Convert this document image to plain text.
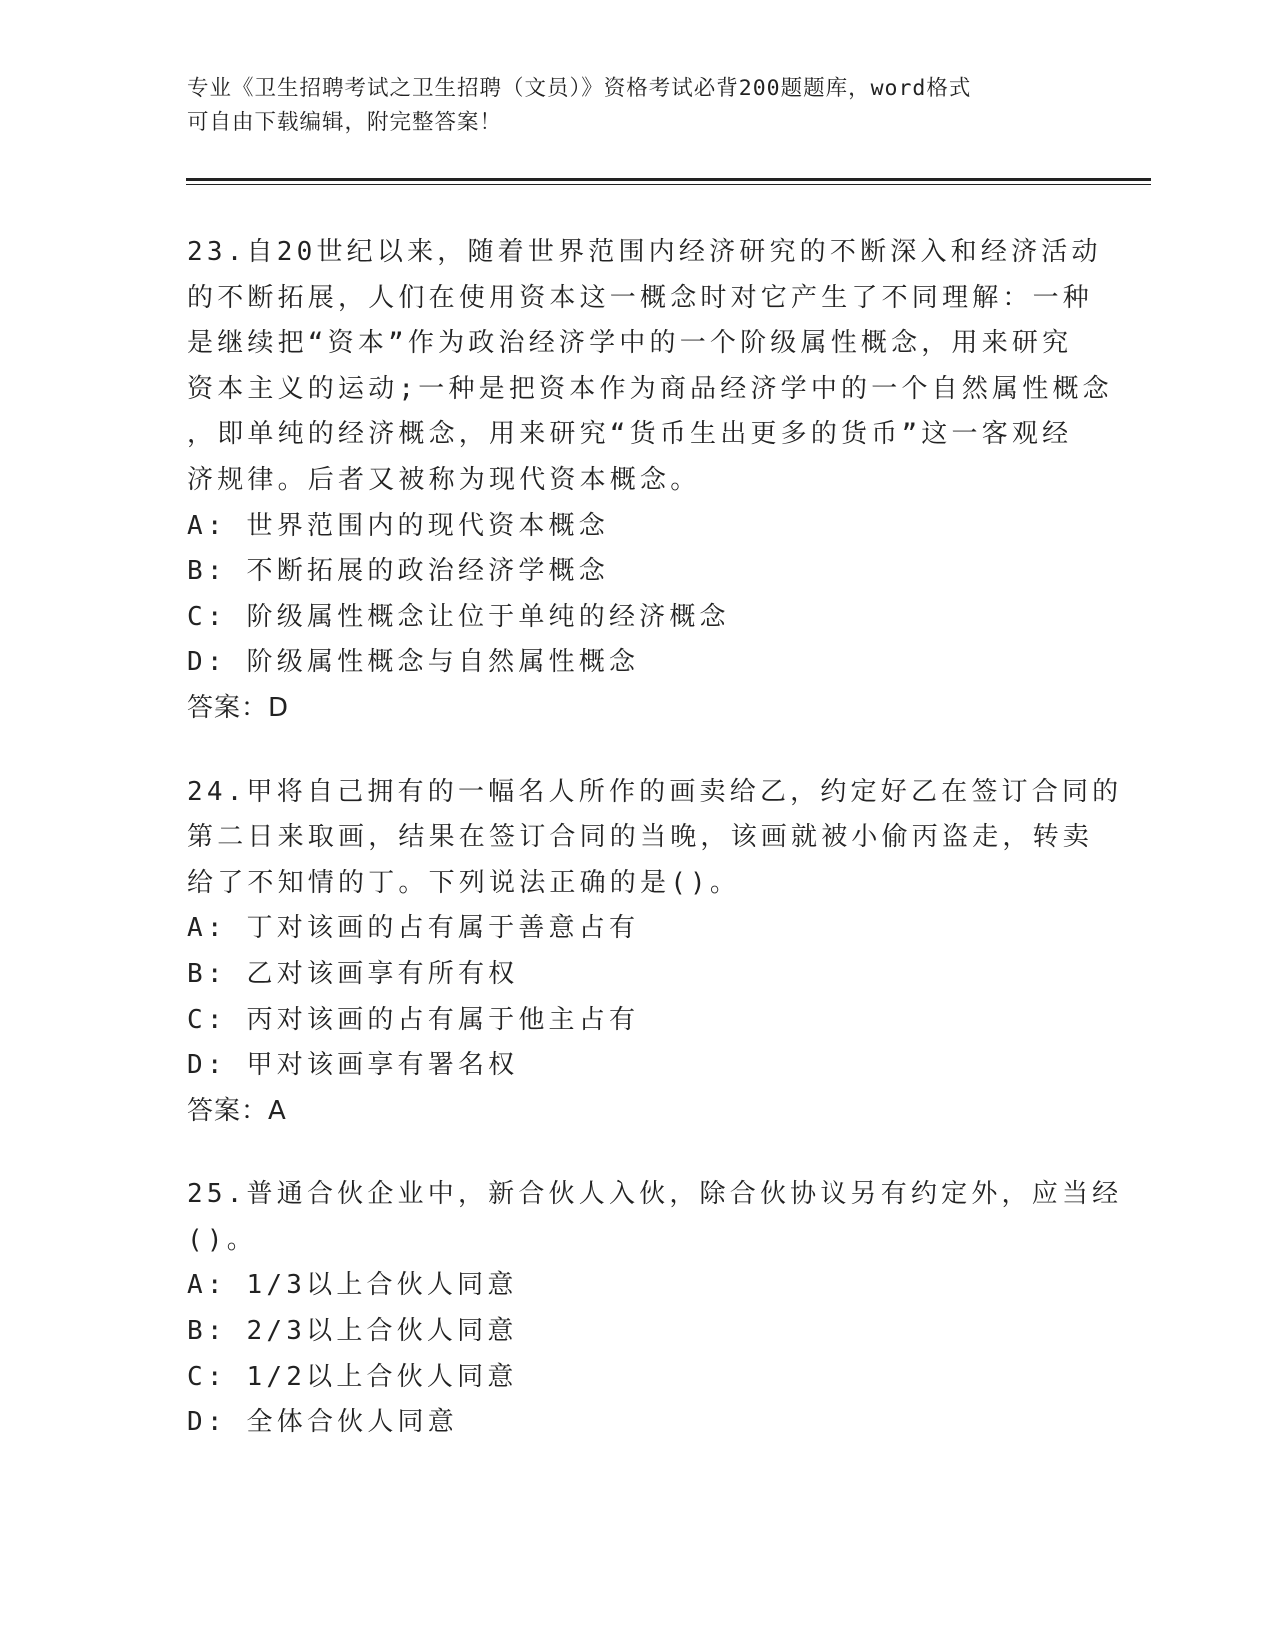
专业《卫生招聘考试之卫生招聘（文员）》资格考试必背200题题库，word格式
可自由下载编辑，附完整答案！
23.自20世纪以来，随着世界范围内经济研究的不断深入和经济活动
的不断拓展，人们在使用资本这一概念时对它产生了不同理解：一种
是继续把“资本”作为政治经济学中的一个阶级属性概念，用来研究
资本主义的运动;一种是把资本作为商品经济学中的一个自然属性概念
，即单纯的经济概念，用来研究“货币生出更多的货币”这一客观经
济规律。后者又被称为现代资本概念。
A: 世界范围内的现代资本概念
B: 不断拓展的政治经济学概念
C: 阶级属性概念让位于单纯的经济概念
D: 阶级属性概念与自然属性概念
答案：D
24.甲将自己拥有的一幅名人所作的画卖给乙，约定好乙在签订合同的
第二日来取画，结果在签订合同的当晚，该画就被小偷丙盗走，转卖
给了不知情的丁。下列说法正确的是()。
A: 丁对该画的占有属于善意占有
B: 乙对该画享有所有权
C: 丙对该画的占有属于他主占有
D: 甲对该画享有署名权
答案：A
25.普通合伙企业中，新合伙人入伙，除合伙协议另有约定外，应当经
()。
A: 1/3以上合伙人同意
B: 2/3以上合伙人同意
C: 1/2以上合伙人同意
D: 全体合伙人同意
